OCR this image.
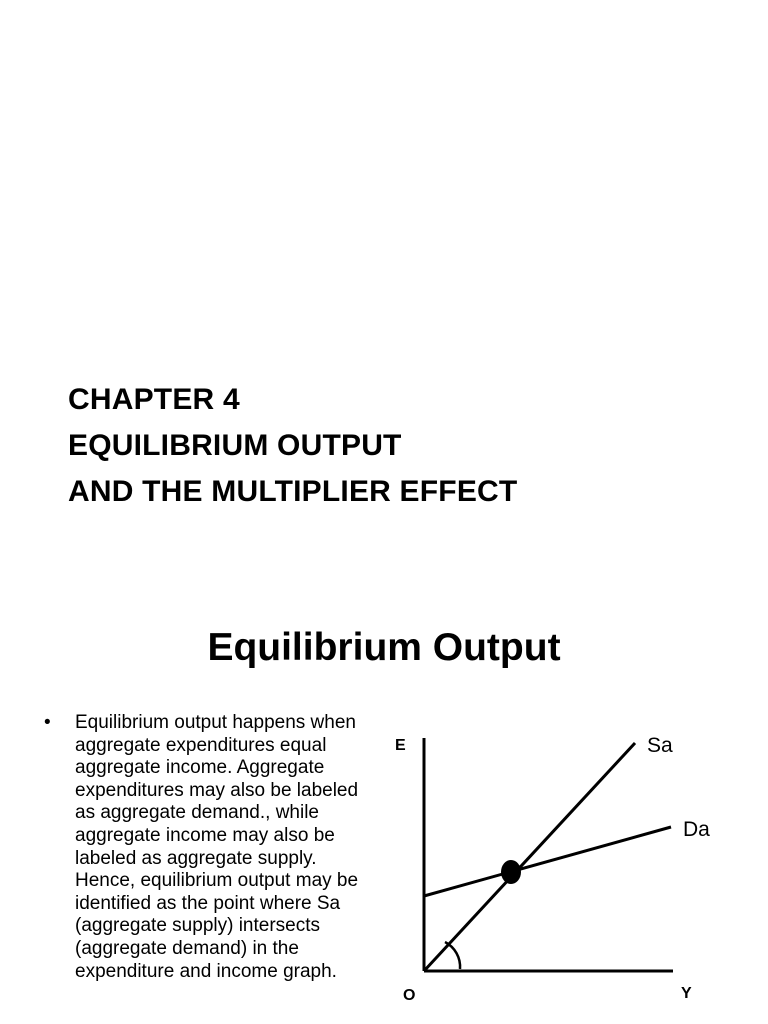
CHAPTER 4
EQUILIBRIUM OUTPUT
AND THE MULTIPLIER EFFECT
Equilibrium Output
• Equilibrium output happens when aggregate expenditures equal aggregate income. Aggregate expenditures may also be labeled as aggregate demand., while aggregate income may also be labeled as aggregate supply. Hence, equilibrium output may be identified as the point where Sa (aggregate supply) intersects (aggregate demand) in the expenditure and income graph.
E	Sa
Da
O	Y
